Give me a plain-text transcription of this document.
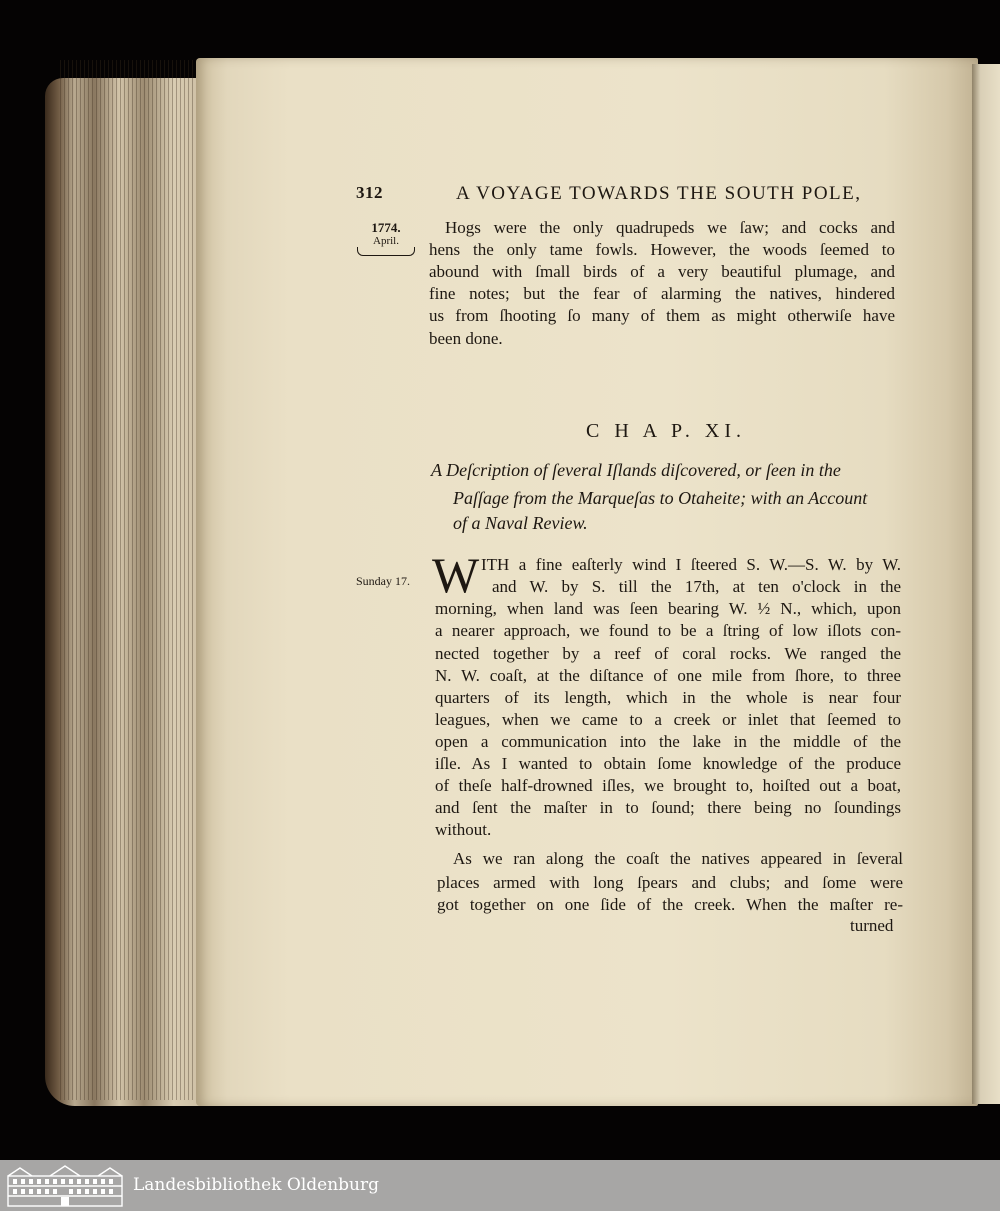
312	A VOYAGE TOWARDS THE SOUTH POLE,
1774.
April.
Hogs were the only quadrupeds we ſaw; and cocks and
hens the only tame fowls. However, the woods ſeemed to
abound with ſmall birds of a very beautiful plumage, and
fine notes; but the fear of alarming the natives, hindered
us from ſhooting ſo many of them as might otherwiſe have
been done.
C H A P. XI.
A Deſcription of ſeveral Iſlands diſcovered, or ſeen in the
Paſſage from the Marqueſas to Otaheite; with an Account
of a Naval Review.
Sunday 17. W ITH a fine eaſterly wind I ſteered S. W.—S. W. by W.
and W. by S. till the 17th, at ten o'clock in the
morning, when land was ſeen bearing W. ½ N., which, upon
a nearer approach, we found to be a ſtring of low iſlots con-
nected together by a reef of coral rocks. We ranged the
N. W. coaſt, at the diſtance of one mile from ſhore, to three
quarters of its length, which in the whole is near four
leagues, when we came to a creek or inlet that ſeemed to
open a communication into the lake in the middle of the
iſle. As I wanted to obtain ſome knowledge of the produce
of theſe half-drowned iſles, we brought to, hoiſted out a boat,
and ſent the maſter in to ſound; there being no ſoundings
without.
As we ran along the coaſt the natives appeared in ſeveral
places armed with long ſpears and clubs; and ſome were
got together on one ſide of the creek. When the maſter re-
turned
Landesbibliothek Oldenburg
